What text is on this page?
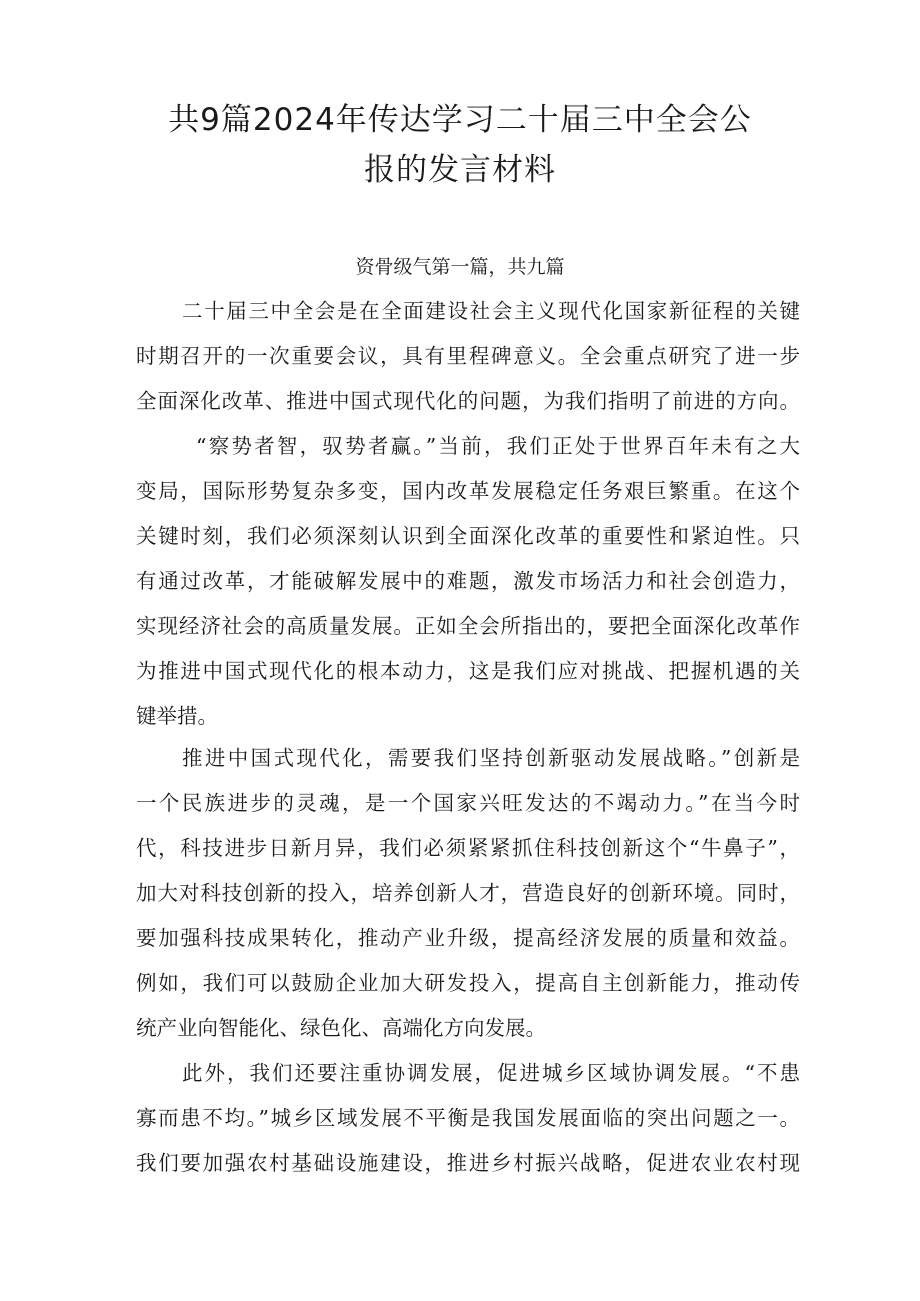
共9篇2024年传达学习二十届三中全会公
报的发言材料
资骨级气第一篇，共九篇
二十届三中全会是在全面建设社会主义现代化国家新征程的关键
时期召开的一次重要会议，具有里程碑意义。全会重点研究了进一步
全面深化改革、推进中国式现代化的问题，为我们指明了前进的方向。
“察势者智，驭势者赢。”当前，我们正处于世界百年未有之大
变局，国际形势复杂多变，国内改革发展稳定任务艰巨繁重。在这个
关键时刻，我们必须深刻认识到全面深化改革的重要性和紧迫性。只
有通过改革，才能破解发展中的难题，激发市场活力和社会创造力，
实现经济社会的高质量发展。正如全会所指出的，要把全面深化改革作
为推进中国式现代化的根本动力，这是我们应对挑战、把握机遇的关
键举措。
推进中国式现代化，需要我们坚持创新驱动发展战略。”创新是
一个民族进步的灵魂，是一个国家兴旺发达的不竭动力。”在当今时
代，科技进步日新月异，我们必须紧紧抓住科技创新这个“牛鼻子”，
加大对科技创新的投入，培养创新人才，营造良好的创新环境。同时，
要加强科技成果转化，推动产业升级，提高经济发展的质量和效益。
例如，我们可以鼓励企业加大研发投入，提高自主创新能力，推动传
统产业向智能化、绿色化、高端化方向发展。
此外，我们还要注重协调发展，促进城乡区域协调发展。“不患
寡而患不均。”城乡区域发展不平衡是我国发展面临的突出问题之一。
我们要加强农村基础设施建设，推进乡村振兴战略，促进农业农村现
